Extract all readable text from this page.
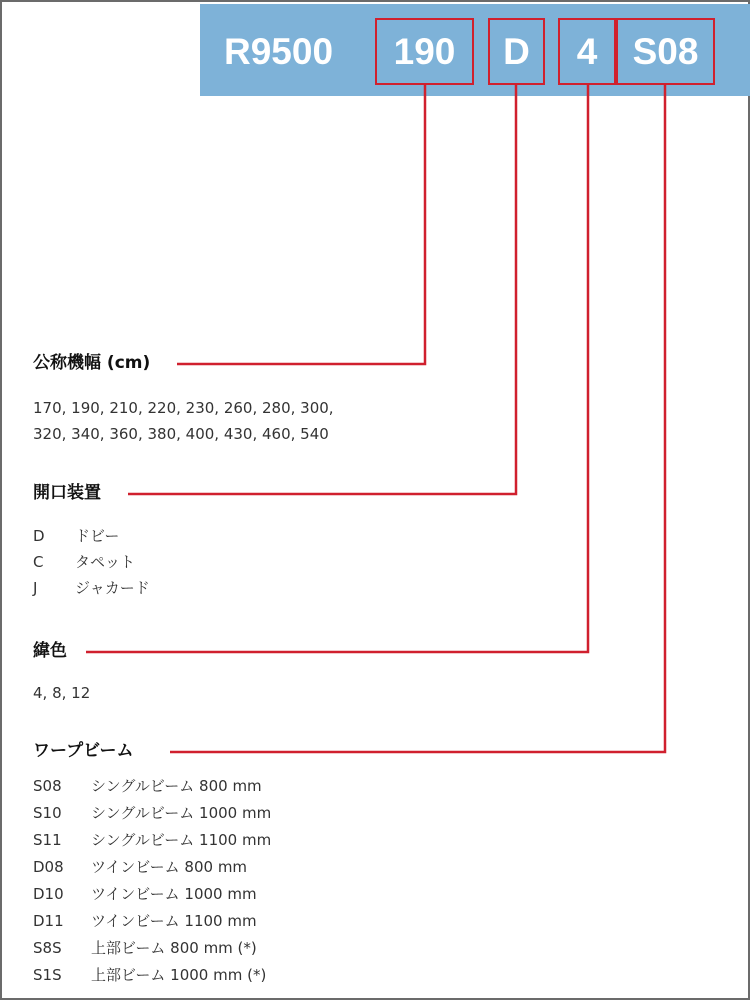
R9500 190 D 4 S08
公称機幅 (cm)
170, 190, 210, 220, 230, 260, 280, 300,
320, 340, 360, 380, 400, 430, 460, 540
開口装置
D	ドビー
C	タペット
J	ジャカード
緯色
4, 8, 12
ワープビーム
S08	シングルビーム 800 mm
S10	シングルビーム 1000 mm
S11	シングルビーム 1100 mm
D08	ツインビーム 800 mm
D10	ツインビーム 1000 mm
D11	ツインビーム 1100 mm
S8S	上部ビーム 800 mm (*)
S1S	上部ビーム 1000 mm (*)
